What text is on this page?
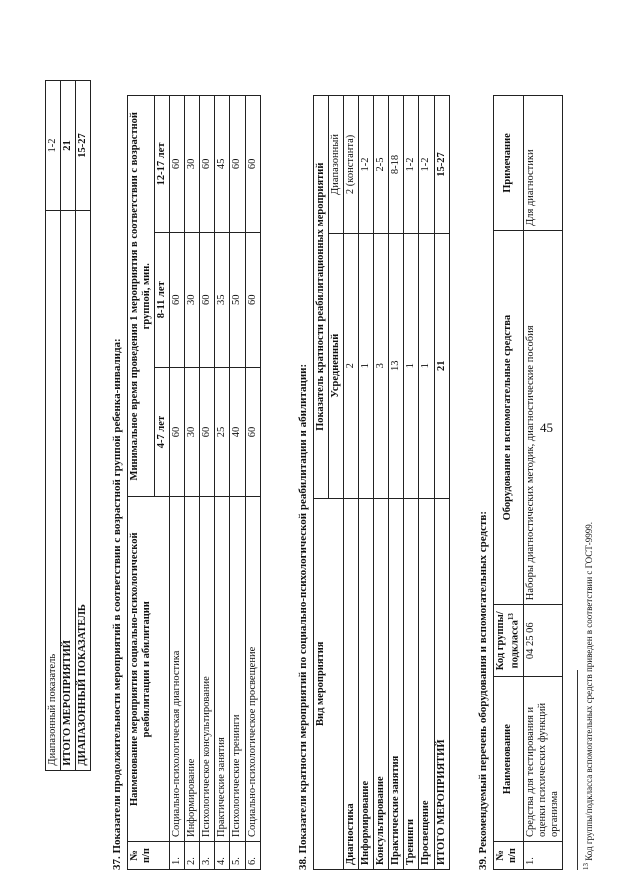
45
	Диапазонный показатель	1-2
	ИТОГО МЕРОПРИЯТИЙ	21
	ДИАПАЗОННЫЙ ПОКАЗАТЕЛЬ	15-27
37. Показатели продолжительности мероприятий в соответствии с возрастной группой ребенка-инвалида: № п/п	Наименование мероприятия социально-психологической реабилитации и абилитации	Минимальное время проведения 1 мероприятия в соответствии с возрастной группой, мин.		
		4-7 лет	8-11 лет	12-17 лет
1.	Социально-психологическая диагностика	60	60	60
2.	Информирование	30	30	30
3.	Психологическое консультирование	60	60	60
4.	Практические занятия	25	35	45
5.	Психологические тренинги	40	50	60
6.	Социально-психологическое просвещение	60	60	60
38. Показатели кратности мероприятий по социально-психологической реабилитации и абилитации: Вид мероприятия	Показатель кратности реабилитационных мероприятий	
	Усредненный	Диапазонный
Диагностика	2	2 (константа)
Информирование	1	1-2
Консультирование	3	2-5
Практические занятия	13	8-18
Тренинги	1	1-2
Просвещение	1	1-2
ИТОГО МЕРОПРИЯТИЙ	21	15-27
39. Рекомендуемый перечень оборудования и вспомогательных средств: № п/п	Наименование	Код группы/ подкласса$^{13}$	Оборудование и вспомогательные средства	Примечание
1.	Средства для тестирования и оценки психических функций организма	04 25 06	Наборы диагностических методик, диагностические пособия	Для диагностики
$^{13}$ Код группы/подкласса вспомогательных средств приведен в соответствии с ГОСТ-9999.
